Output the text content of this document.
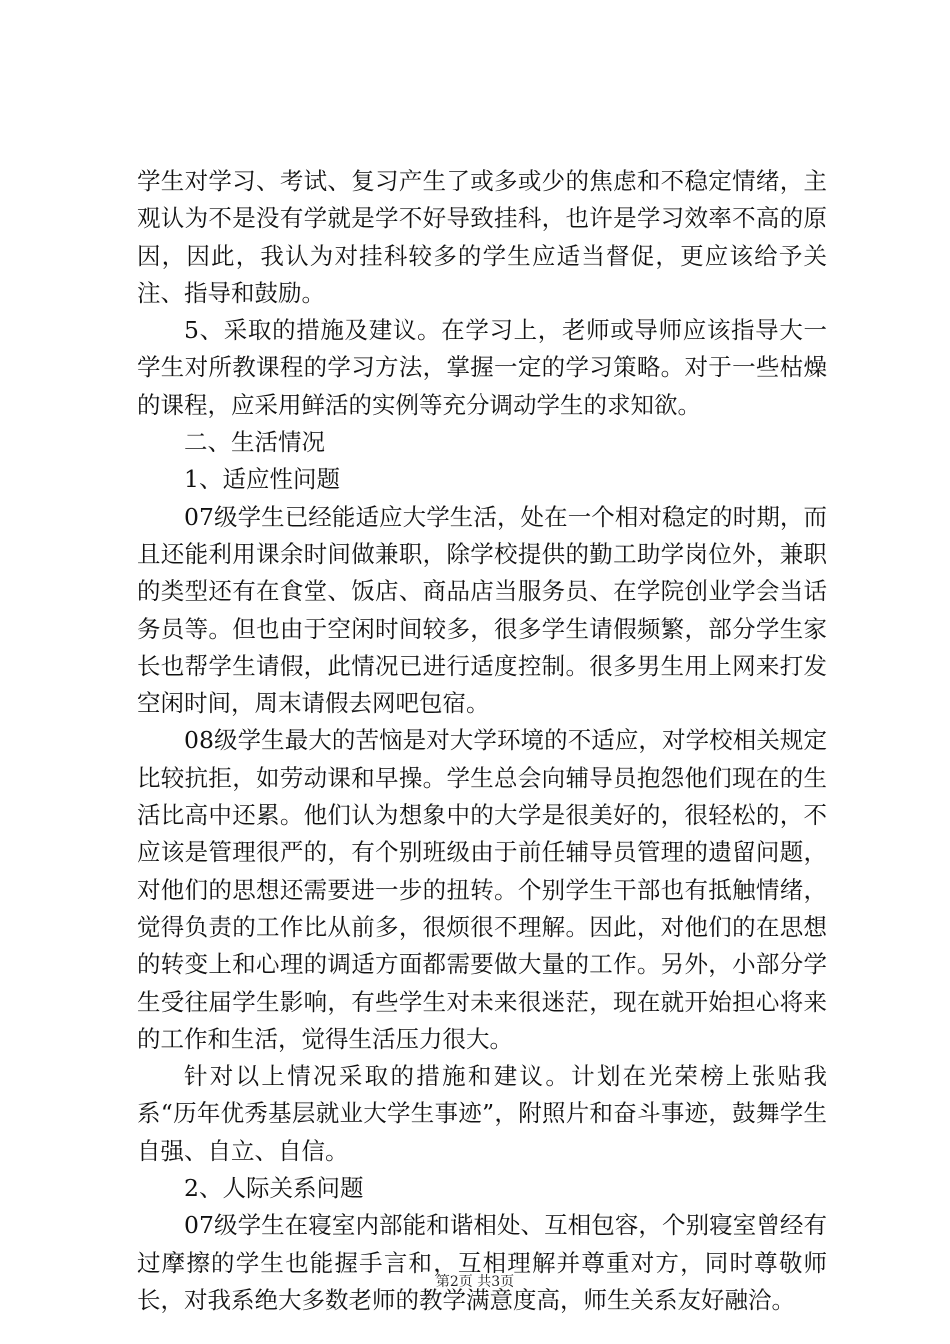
学生对学习、考试、复习产生了或多或少的焦虑和不稳定情绪，主观认为不是没有学就是学不好导致挂科，也许是学习效率不高的原因，因此，我认为对挂科较多的学生应适当督促，更应该给予关注、指导和鼓励。

5、采取的措施及建议。在学习上，老师或导师应该指导大一学生对所教课程的学习方法，掌握一定的学习策略。对于一些枯燥的课程，应采用鲜活的实例等充分调动学生的求知欲。

二、生活情况

1、适应性问题

07级学生已经能适应大学生活，处在一个相对稳定的时期，而且还能利用课余时间做兼职，除学校提供的勤工助学岗位外，兼职的类型还有在食堂、饭店、商品店当服务员、在学院创业学会当话务员等。但也由于空闲时间较多，很多学生请假频繁，部分学生家长也帮学生请假，此情况已进行适度控制。很多男生用上网来打发空闲时间，周末请假去网吧包宿。

08级学生最大的苦恼是对大学环境的不适应，对学校相关规定比较抗拒，如劳动课和早操。学生总会向辅导员抱怨他们现在的生活比高中还累。他们认为想象中的大学是很美好的，很轻松的，不应该是管理很严的，有个别班级由于前任辅导员管理的遗留问题，对他们的思想还需要进一步的扭转。个别学生干部也有抵触情绪，觉得负责的工作比从前多，很烦很不理解。因此，对他们的在思想的转变上和心理的调适方面都需要做大量的工作。另外，小部分学生受往届学生影响，有些学生对未来很迷茫，现在就开始担心将来的工作和生活，觉得生活压力很大。

针对以上情况采取的措施和建议。计划在光荣榜上张贴我系“历年优秀基层就业大学生事迹”，附照片和奋斗事迹，鼓舞学生自强、自立、自信。

2、人际关系问题

07级学生在寝室内部能和谐相处、互相包容，个别寝室曾经有过摩擦的学生也能握手言和，互相理解并尊重对方，同时尊敬师长，对我系绝大多数老师的教学满意度高，师生关系友好融洽。

第2页 共3页
